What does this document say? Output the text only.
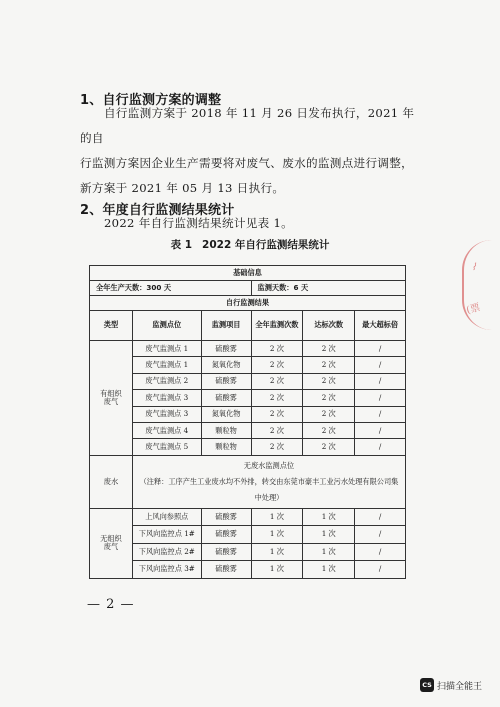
1、自行监测方案的调整
自行监测方案于 2018 年 11 月 26 日发布执行，2021 年的自
行监测方案因企业生产需要将对废气、废水的监测点进行调整，
新方案于 2021 年 05 月 13 日执行。
2、年度自行监测结果统计
2022 年自行监测结果统计见表 1。
表 1 2022 年自行监测结果统计
基础信息					
全年生产天数：300 天			监测天数：6 天		
自行监测结果					
类型	监测点位	监测项目	全年监测次数	达标次数	最大超标倍
有组织废气	废气监测点 1	硫酸雾	2 次	2 次	/
	废气监测点 1	氮氧化物	2 次	2 次	/
	废气监测点 2	硫酸雾	2 次	2 次	/
	废气监测点 3	硫酸雾	2 次	2 次	/
	废气监测点 3	氮氧化物	2 次	2 次	/
	废气监测点 4	颗粒物	2 次	2 次	/
	废气监测点 5	颗粒物	2 次	2 次	/
废水	无废水监测点位
（注释：工序产生工业废水均不外排，转交由东莞市豪丰工业污水处理有限公司集中处理）				

无组织废气	上风向参照点	硫酸雾	1 次	1 次	/
	下风向监控点 1#	硫酸雾	1 次	1 次	/
	下风向监控点 2#	硫酸雾	1 次	1 次	/
	下风向监控点 3#	硫酸雾	1 次	1 次	/
— 2 —
⌇
(票
CS 扫描全能王
